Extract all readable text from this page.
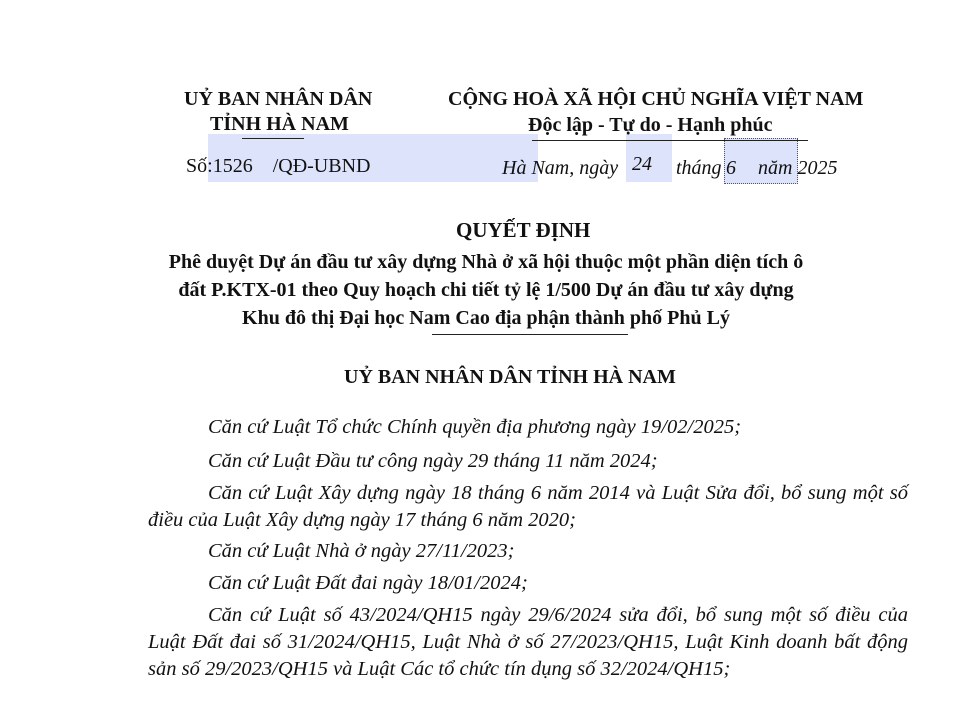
UỶ BAN NHÂN DÂN
TỈNH HÀ NAM
CỘNG HOÀ XÃ HỘI CHỦ NGHĨA VIỆT NAM
Độc lập - Tự do - Hạnh phúc
Số:1526 /QĐ-UBND	Hà Nam, ngày 24 tháng 6 năm 2025
QUYẾT ĐỊNH
Phê duyệt Dự án đầu tư xây dựng Nhà ở xã hội thuộc một phần diện tích ô
đất P.KTX-01 theo Quy hoạch chi tiết tỷ lệ 1/500 Dự án đầu tư xây dựng
Khu đô thị Đại học Nam Cao địa phận thành phố Phủ Lý
UỶ BAN NHÂN DÂN TỈNH HÀ NAM
Căn cứ Luật Tổ chức Chính quyền địa phương ngày 19/02/2025;
Căn cứ Luật Đầu tư công ngày 29 tháng 11 năm 2024;
Căn cứ Luật Xây dựng ngày 18 tháng 6 năm 2014 và Luật Sửa đổi, bổ sung một số điều của Luật Xây dựng ngày 17 tháng 6 năm 2020;
Căn cứ Luật Nhà ở ngày 27/11/2023;
Căn cứ Luật Đất đai ngày 18/01/2024;
Căn cứ Luật số 43/2024/QH15 ngày 29/6/2024 sửa đổi, bổ sung một số điều của Luật Đất đai số 31/2024/QH15, Luật Nhà ở số 27/2023/QH15, Luật Kinh doanh bất động sản số 29/2023/QH15 và Luật Các tổ chức tín dụng số 32/2024/QH15;
